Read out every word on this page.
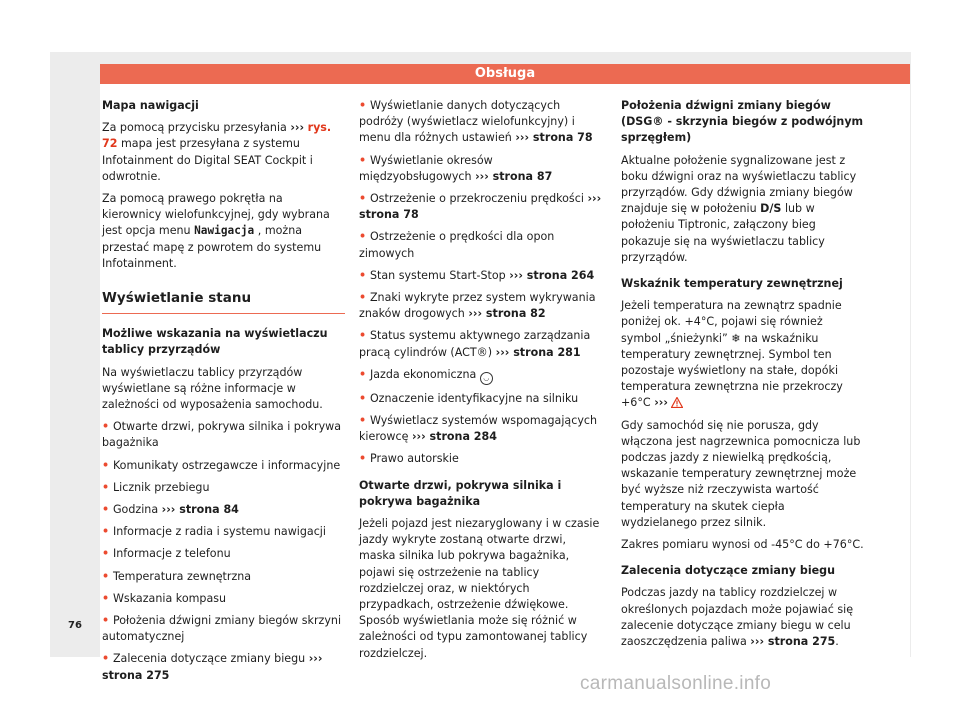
Obsługa

Mapa nawigacji

Za pomocą przycisku przesyłania ››› rys. 72 mapa jest przesyłana z systemu Infotainment do Digital SEAT Cockpit i odwrotnie.

Za pomocą prawego pokrętła na kierownicy wielofunkcyjnej, gdy wybrana jest opcja menu Nawigacja , można przestać mapę z powrotem do systemu Infotainment.

Wyświetlanie stanu

Możliwe wskazania na wyświetlaczu tablicy przyrządów

Na wyświetlaczu tablicy przyrządów wyświetlane są różne informacje w zależności od wyposażenia samochodu.

• Otwarte drzwi, pokrywa silnika i pokrywa bagażnika

• Komunikaty ostrzegawcze i informacyjne

• Licznik przebiegu

• Godzina ››› strona 84

• Informacje z radia i systemu nawigacji

• Informacje z telefonu

• Temperatura zewnętrzna

• Wskazania kompasu

• Położenia dźwigni zmiany biegów skrzyni automatycznej

• Zalecenia dotyczące zmiany biegu ››› strona 275

• Wyświetlanie danych dotyczących podróży (wyświetlacz wielofunkcyjny) i menu dla różnych ustawień ››› strona 78

• Wyświetlanie okresów międzyobsługowych ››› strona 87

• Ostrzeżenie o przekroczeniu prędkości ››› strona 78

• Ostrzeżenie o prędkości dla opon zimowych

• Stan systemu Start-Stop ››› strona 264

• Znaki wykryte przez system wykrywania znaków drogowych ››› strona 82

• Status systemu aktywnego zarządzania pracą cylindrów (ACT®) ››› strona 281

• Jazda ekonomiczna ◡

• Oznaczenie identyfikacyjne na silniku

• Wyświetlacz systemów wspomagających kierowcę ››› strona 284

• Prawo autorskie

Otwarte drzwi, pokrywa silnika i pokrywa bagażnika

Jeżeli pojazd jest niezaryglowany i w czasie jazdy wykryte zostaną otwarte drzwi, maska silnika lub pokrywa bagażnika, pojawi się ostrzeżenie na tablicy rozdzielczej oraz, w niektórych przypadkach, ostrzeżenie dźwiękowe. Sposób wyświetlania może się różnić w zależności od typu zamontowanej tablicy rozdzielczej.

Położenia dźwigni zmiany biegów (DSG® - skrzynia biegów z podwójnym sprzęgłem)

Aktualne położenie sygnalizowane jest z boku dźwigni oraz na wyświetlaczu tablicy przyrządów. Gdy dźwignia zmiany biegów znajduje się w położeniu D/S lub w położeniu Tiptronic, załączony bieg pokazuje się na wyświetlaczu tablicy przyrządów.

Wskaźnik temperatury zewnętrznej

Jeżeli temperatura na zewnątrz spadnie poniżej ok. +4°C, pojawi się również symbol „śnieżynki” ❄ na wskaźniku temperatury zewnętrznej. Symbol ten pozostaje wyświetlony na stałe, dopóki temperatura zewnętrzna nie przekroczy +6°C ›››

Gdy samochód się nie porusza, gdy włączona jest nagrzewnica pomocnicza lub podczas jazdy z niewielką prędkością, wskazanie temperatury zewnętrznej może być wyższe niż rzeczywista wartość temperatury na skutek ciepła wydzielanego przez silnik.

Zakres pomiaru wynosi od -45°C do +76°C.

Zalecenia dotyczące zmiany biegu

Podczas jazdy na tablicy rozdzielczej w określonych pojazdach może pojawiać się zalecenie dotyczące zmiany biegu w celu zaoszczędzenia paliwa ››› strona 275.

76
carmanualsonline.info
